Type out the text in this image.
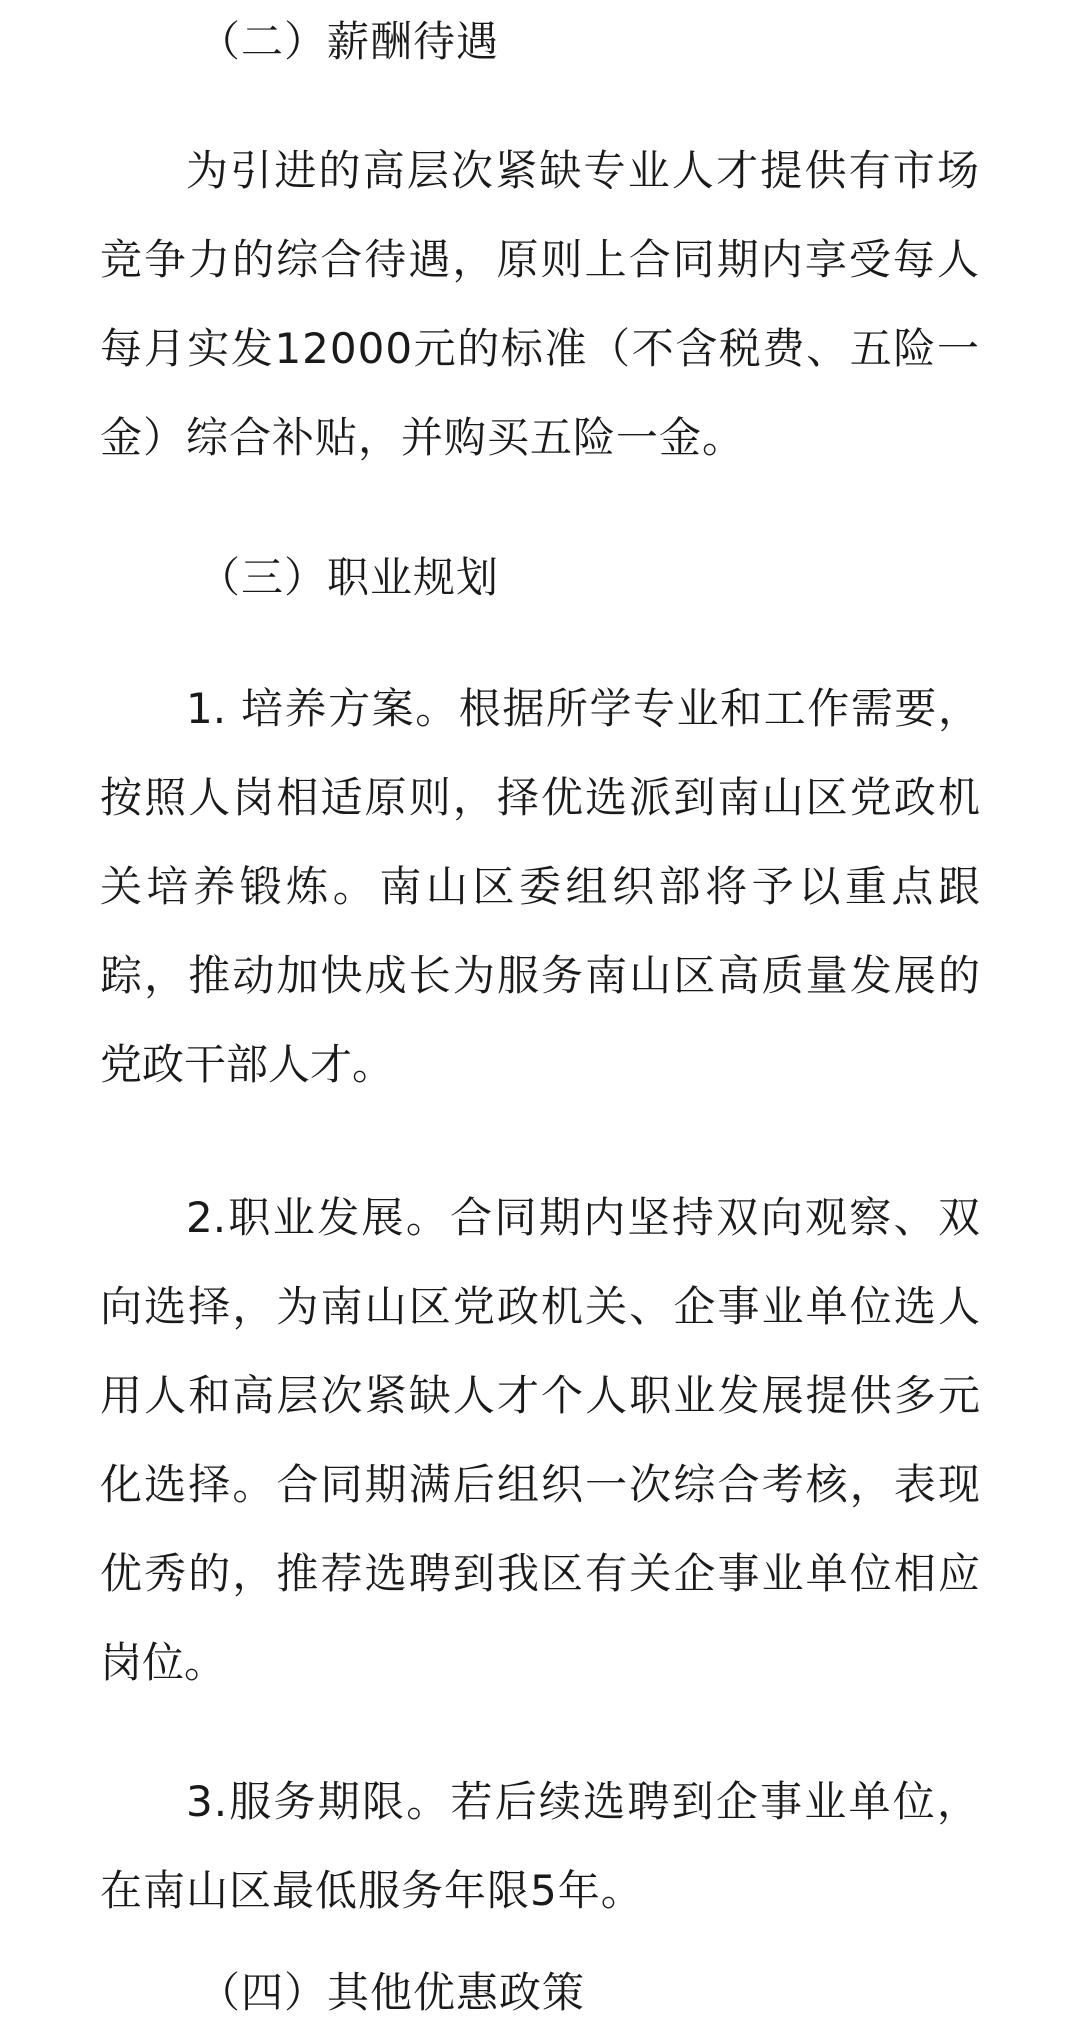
（二）薪酬待遇

为引进的高层次紧缺专业人才提供有市场竞争力的综合待遇，原则上合同期内享受每人每月实发12000元的标准（不含税费、五险一金）综合补贴，并购买五险一金。

（三）职业规划

1. 培养方案。根据所学专业和工作需要，按照人岗相适原则，择优选派到南山区党政机关培养锻炼。南山区委组织部将予以重点跟踪，推动加快成长为服务南山区高质量发展的党政干部人才。

2.职业发展。合同期内坚持双向观察、双向选择，为南山区党政机关、企事业单位选人用人和高层次紧缺人才个人职业发展提供多元化选择。合同期满后组织一次综合考核，表现优秀的，推荐选聘到我区有关企事业单位相应岗位。

3.服务期限。若后续选聘到企事业单位，在南山区最低服务年限5年。

（四）其他优惠政策
